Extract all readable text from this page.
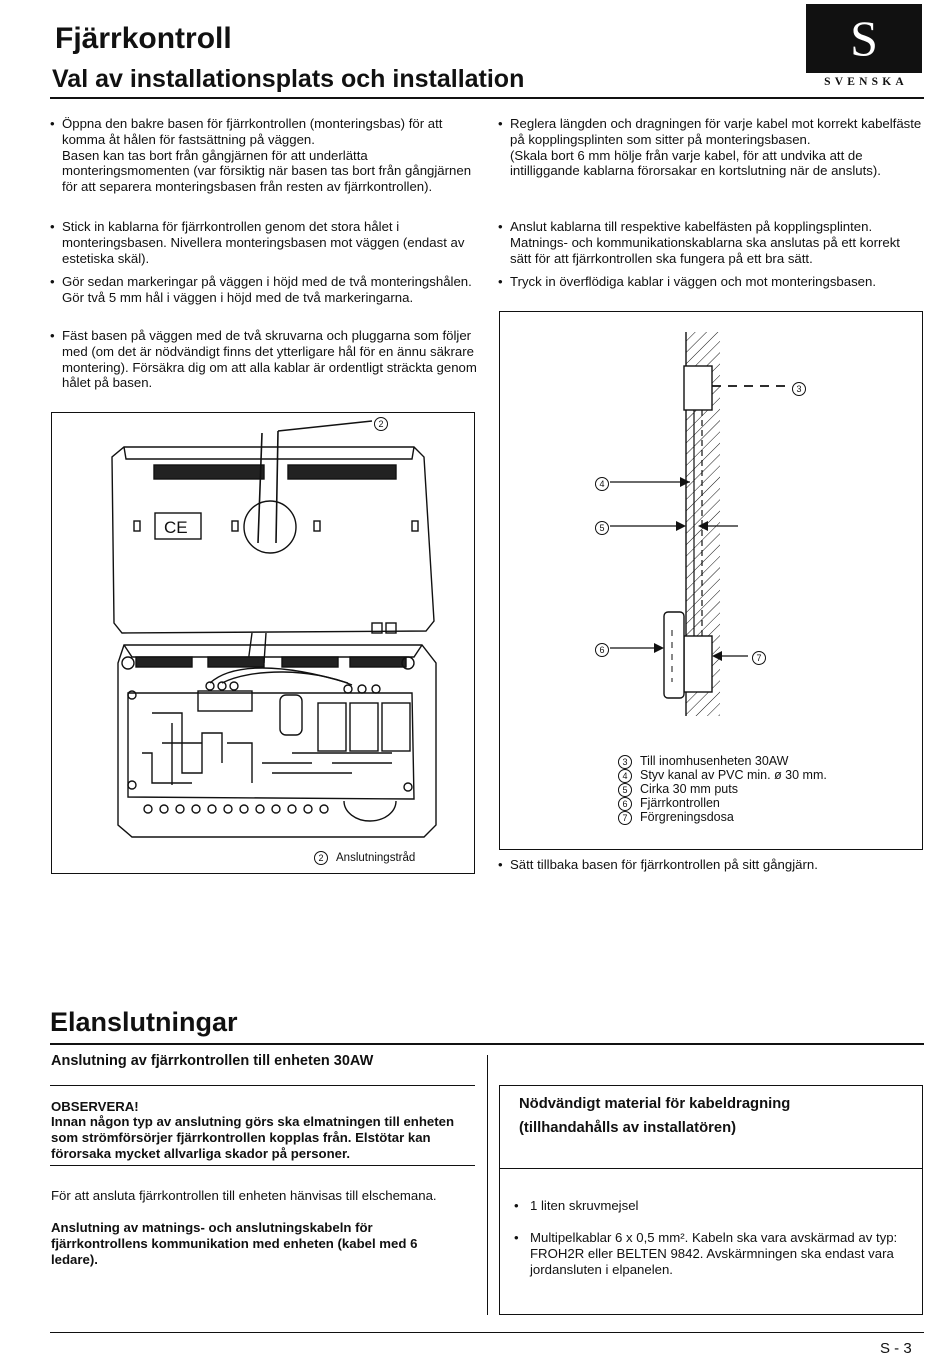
Fjärrkontroll
Val av installationsplats och installation
S
SVENSKA
• Öppna den bakre basen för fjärrkontrollen (monteringsbas) för att komma åt hålen för fastsättning på väggen.
Basen kan tas bort från gångjärnen för att underlätta monteringsmomenten (var försiktig när basen tas bort från gångjärnen för att separera monteringsbasen från resten av fjärrkontrollen).
• Stick in kablarna för fjärrkontrollen genom det stora hålet i monteringsbasen. Nivellera monteringsbasen mot väggen (endast av estetiska skäl).
• Gör sedan markeringar på väggen i höjd med de två monteringshålen. Gör två 5 mm hål i väggen i höjd med de två markeringarna.
• Fäst basen på väggen med de två skruvarna och pluggarna som följer med (om det är nödvändigt finns det ytterligare hål för en ännu säkrare montering). Försäkra dig om att alla kablar är ordentligt sträckta genom hålet på basen.
• Reglera längden och dragningen för varje kabel mot korrekt kabelfäste på kopplingsplinten som sitter på monteringsbasen.
(Skala bort 6 mm hölje från varje kabel, för att undvika att de intilliggande kablarna förorsakar en kortslutning när de ansluts).
• Anslut kablarna till respektive kabelfästen på kopplingsplinten. Matnings- och kommunikationskablarna ska anslutas på ett korrekt sätt för att fjärrkontrollen ska fungera på ett bra sätt.
• Tryck in överflödiga kablar i väggen och mot monteringsbasen.
CE
2
2 Anslutningstråd
3
4
5
6
7
3 Till inomhusenheten 30AW
4 Styv kanal av PVC min. ø 30 mm.
5 Cirka 30 mm puts
6 Fjärrkontrollen
7 Förgreningsdosa
• Sätt tillbaka basen för fjärrkontrollen på sitt gångjärn.
Elanslutningar
Anslutning av fjärrkontrollen till enheten 30AW
OBSERVERA!
Innan någon typ av anslutning görs ska elmatningen till enheten som strömförsörjer fjärrkontrollen kopplas från. Elstötar kan förorsaka mycket allvarliga skador på personer.
För att ansluta fjärrkontrollen till enheten hänvisas till elschemana.
Anslutning av matnings- och anslutningskabeln för fjärrkontrollens kommunikation med enheten (kabel med 6 ledare).
Nödvändigt material för kabeldragning (tillhandahålls av installatören)
• 1 liten skruvmejsel
• Multipelkablar 6 x 0,5 mm². Kabeln ska vara avskärmad av typ: FROH2R eller BELTEN 9842. Avskärmningen ska endast vara jordansluten i elpanelen.
S - 3
